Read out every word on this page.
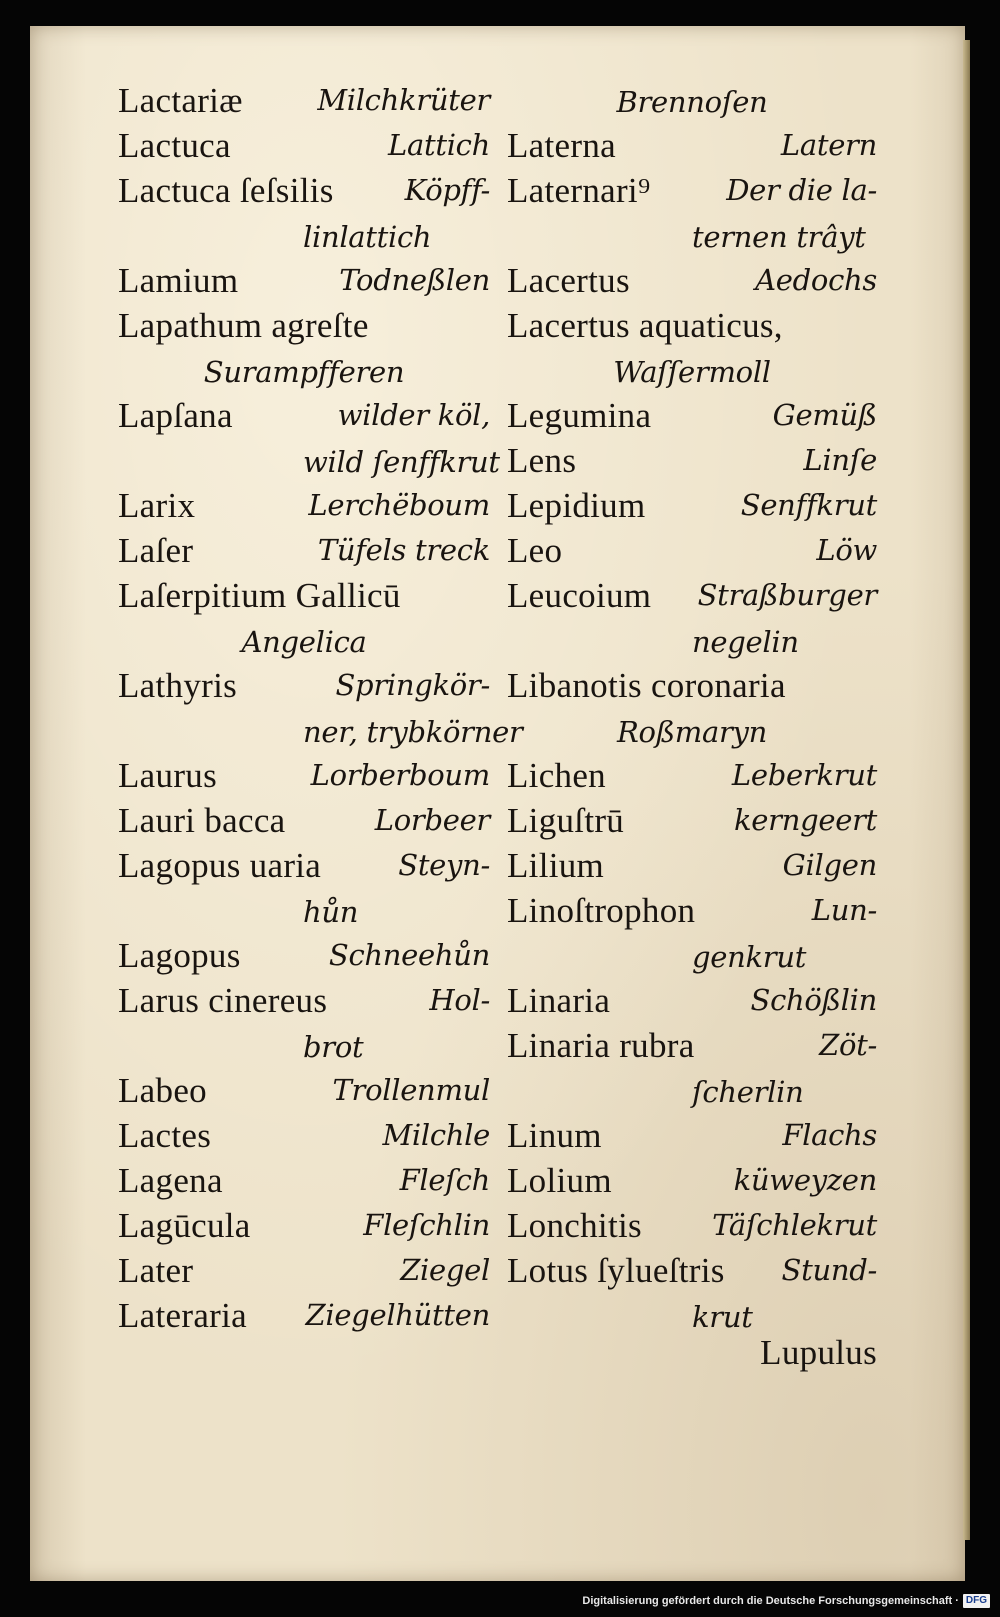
Lactariæ	Milchkrüter
Lactuca	Lattich
Lactuca ſeſsilis Köpff-
linlattich
Lamium	Todneßlen
Lapathum agreſte
Surampfferen
Lapſana	wilder köl,
wild ſenffkrut
Larix	Lerchëboum
Laſer	Tüfels treck
Laſerpitium Gallicū
Angelica
Lathyris	Springkör-
ner, trybkörner
Laurus	Lorberboum
Lauri bacca	Lorbeer
Lagopus uaria	Steyn-
hůn
Lagopus	Schneehůn
Larus cinereus	Hol-
brot
Labeo	Trollenmul
Lactes	Milchle
Lagena	Fleſch
Lagūcula	Fleſchlin
Later	Ziegel
Lateraria Ziegelhütten
Brennoſen
Laterna	Latern
Laternari⁹	Der die la-
ternen trâyt
Lacertus	Aedochs
Lacertus aquaticus,
Waſſermoll
Legumina	Gemüß
Lens	Linſe
Lepidium	Senffkrut
Leo	Löw
Leucoium Straßburger
negelin
Libanotis coronaria
Roßmaryn
Lichen	Leberkrut
Liguſtrū	kerngeert
Lilium	Gilgen
Linoſtrophon	Lun-
genkrut
Linaria	Schößlin
Linaria rubra	Zöt-
ſcherlin
Linum	Flachs
Lolium	küweyzen
Lonchitis Täſchlekrut
Lotus ſylueſtris Stund-
krut
Lupulus
Digitalisierung gefördert durch die Deutsche Forschungsgemeinschaft · DFG
